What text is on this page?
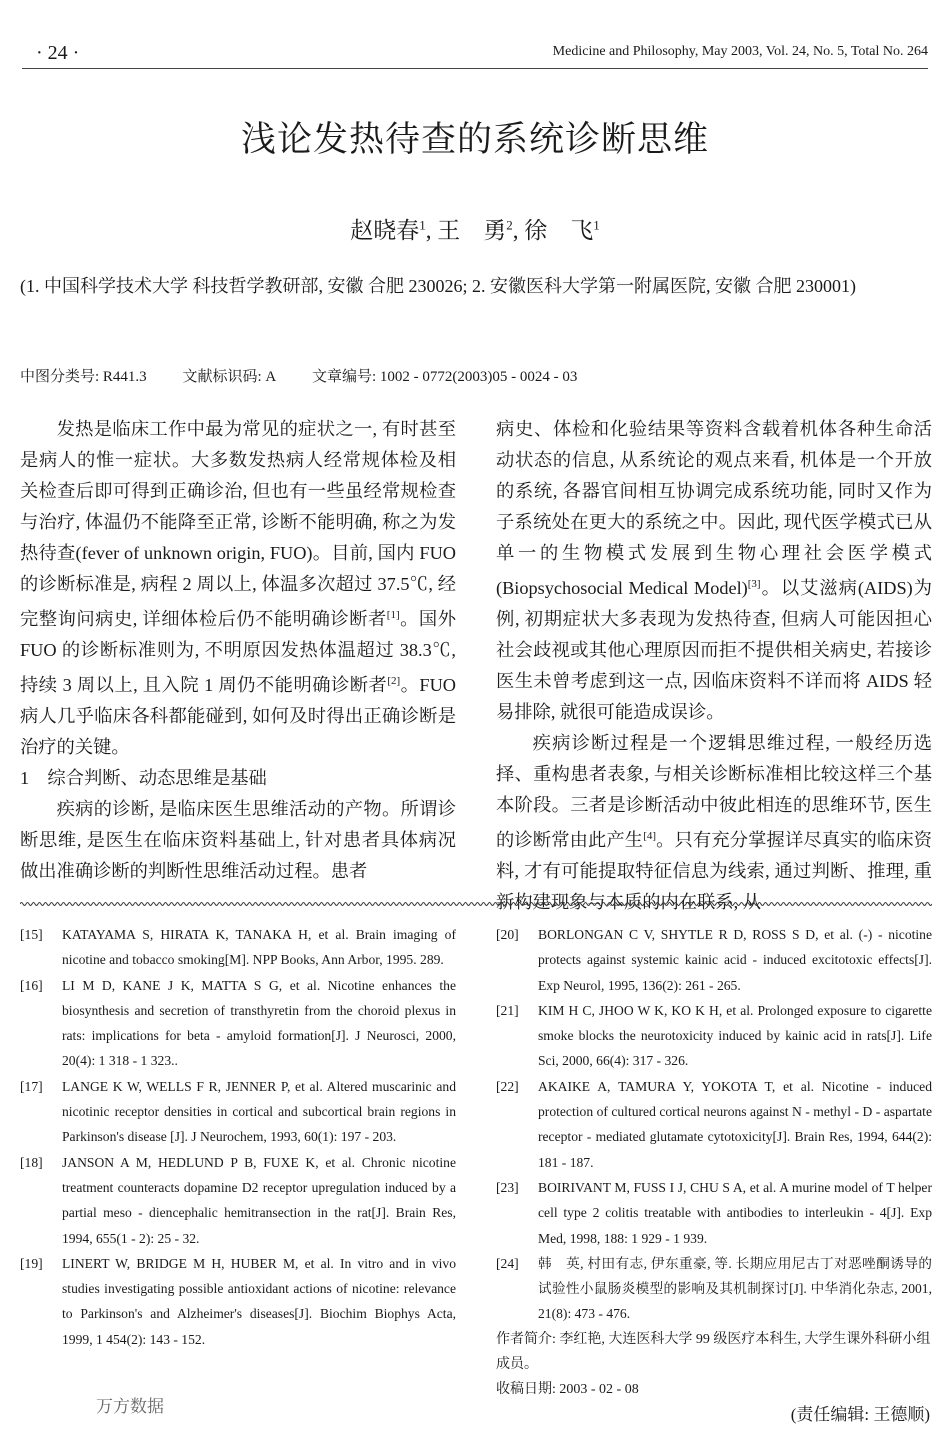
· 24 ·	Medicine and Philosophy, May 2003, Vol. 24, No. 5, Total No. 264
浅论发热待查的系统诊断思维
赵晓春$^1$, 王　勇$^2$, 徐　飞$^1$
(1. 中国科学技术大学 科技哲学教研部, 安徽 合肥 230026; 2. 安徽医科大学第一附属医院, 安徽 合肥 230001)
中图分类号: R441.3 文献标识码: A 文章编号: 1002 - 0772(2003)05 - 0024 - 03

发热是临床工作中最为常见的症状之一, 有时甚至是病人的惟一症状。大多数发热病人经常规体检及相关检查后即可得到正确诊治, 但也有一些虽经常规检查与治疗, 体温仍不能降至正常, 诊断不能明确, 称之为发热待查(fever of unknown origin, FUO)。目前, 国内 FUO 的诊断标准是, 病程 2 周以上, 体温多次超过 37.5℃, 经完整询问病史, 详细体检后仍不能明确诊断者[1]。国外 FUO 的诊断标准则为, 不明原因发热体温超过 38.3℃, 持续 3 周以上, 且入院 1 周仍不能明确诊断者[2]。FUO 病人几乎临床各科都能碰到, 如何及时得出正确诊断是治疗的关键。

1　综合判断、动态思维是基础

疾病的诊断, 是临床医生思维活动的产物。所谓诊断思维, 是医生在临床资料基础上, 针对患者具体病况做出准确诊断的判断性思维活动过程。患者

病史、体检和化验结果等资料含载着机体各种生命活动状态的信息, 从系统论的观点来看, 机体是一个开放的系统, 各器官间相互协调完成系统功能, 同时又作为子系统处在更大的系统之中。因此, 现代医学模式已从单一的生物模式发展到生物心理社会医学模式(Biopsychosocial Medical Model)[3]。以艾滋病(AIDS)为例, 初期症状大多表现为发热待查, 但病人可能因担心社会歧视或其他心理原因而拒不提供相关病史, 若接诊医生未曾考虑到这一点, 因临床资料不详而将 AIDS 轻易排除, 就很可能造成误诊。

疾病诊断过程是一个逻辑思维过程, 一般经历选择、重构患者表象, 与相关诊断标准相比较这样三个基本阶段。三者是诊断活动中彼此相连的思维环节, 医生的诊断常由此产生[4]。只有充分掌握详尽真实的临床资料, 才有可能提取特征信息为线索, 通过判断、推理, 重新构建现象与本质的内在联系, 从

[15]	KATAYAMA S, HIRATA K, TANAKA H, et al. Brain imaging of nicotine and tobacco smoking[M]. NPP Books, Ann Arbor, 1995. 289.
[16]	LI M D, KANE J K, MATTA S G, et al. Nicotine enhances the biosynthesis and secretion of transthyretin from the choroid plexus in rats: implications for beta - amyloid formation[J]. J Neurosci, 2000, 20(4): 1 318 - 1 323..
[17]	LANGE K W, WELLS F R, JENNER P, et al. Altered muscarinic and nicotinic receptor densities in cortical and subcortical brain regions in Parkinson's disease [J]. J Neurochem, 1993, 60(1): 197 - 203.
[18]	JANSON A M, HEDLUND P B, FUXE K, et al. Chronic nicotine treatment counteracts dopamine D2 receptor upregulation induced by a partial meso - diencephalic hemitransection in the rat[J]. Brain Res, 1994, 655(1 - 2): 25 - 32.
[19]	LINERT W, BRIDGE M H, HUBER M, et al. In vitro and in vivo studies investigating possible antioxidant actions of nicotine: relevance to Parkinson's and Alzheimer's diseases[J]. Biochim Biophys Acta, 1999, 1 454(2): 143 - 152.
[20]	BORLONGAN C V, SHYTLE R D, ROSS S D, et al. (-) - nicotine protects against systemic kainic acid - induced excitotoxic effects[J]. Exp Neurol, 1995, 136(2): 261 - 265.
[21]	KIM H C, JHOO W K, KO K H, et al. Prolonged exposure to cigarette smoke blocks the neurotoxicity induced by kainic acid in rats[J]. Life Sci, 2000, 66(4): 317 - 326.
[22]	AKAIKE A, TAMURA Y, YOKOTA T, et al. Nicotine - induced protection of cultured cortical neurons against N - methyl - D - aspartate receptor - mediated glutamate cytotoxicity[J]. Brain Res, 1994, 644(2): 181 - 187.
[23]	BOIRIVANT M, FUSS I J, CHU S A, et al. A murine model of T helper cell type 2 colitis treatable with antibodies to interleukin - 4[J]. Exp Med, 1998, 188: 1 929 - 1 939.
[24]	韩　英, 村田有志, 伊东重豪, 等. 长期应用尼古丁对恶唑酮诱导的试验性小鼠肠炎模型的影响及其机制探讨[J]. 中华消化杂志, 2001, 21(8): 473 - 476.
作者简介: 李红艳, 大连医科大学 99 级医疗本科生, 大学生课外科研小组成员。
收稿日期: 2003 - 02 - 08
万方数据	(责任编辑: 王德顺)
